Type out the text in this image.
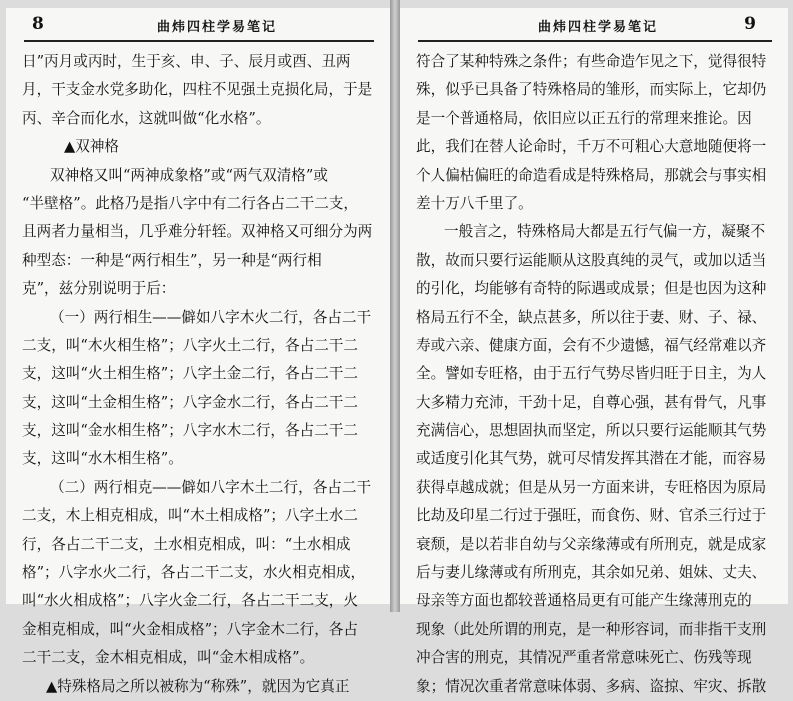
8	曲炜四柱学易笔记
日”丙月或丙时，生于亥、申、子、辰月或酉、丑两
月，干支金水党多助化，四柱不见强土克损化局，于是
丙、辛合而化水，这就叫做“化水格”。
▲双神格
双神格又叫“两神成象格”或“两气双清格”或
“半壁格”。此格乃是指八字中有二行各占二干二支，
且两者力量相当，几乎难分轩轾。双神格又可细分为两
种型态：一种是“两行相生”，另一种是“两行相
克”，兹分别说明于后：
（一）两行相生——僻如八字木火二行，各占二干
二支，叫“木火相生格”；八字火土二行，各占二干二
支，这叫“火土相生格”；八字土金二行，各占二干二
支，这叫“土金相生格”；八字金水二行，各占二干二
支，这叫“金水相生格”；八字水木二行，各占二干二
支，这叫“水木相生格”。
（二）两行相克——僻如八字木土二行，各占二干
二支，木上相克相成，叫“木土相成格”；八字土水二
行，各占二干二支，土水相克相成，叫：“土水相成
格”；八字水火二行，各占二干二支，水火相克相成，
叫“水火相成格”；八字火金二行，各占二干二支，火
金相克相成，叫“火金相成格”；八字金木二行，各占
二干二支，金木相克相成，叫“金木相成格”。
▲特殊格局之所以被称为“称殊”，就因为它真正
曲炜四柱学易笔记	9
符合了某种特殊之条件；有些命造乍见之下，觉得很特
殊，似乎已具备了特殊格局的雏形，而实际上，它却仍
是一个普通格局，依旧应以正五行的常理来推论。因
此，我们在替人论命时，千万不可粗心大意地随便将一
个人偏枯偏旺的命造看成是特殊格局，那就会与事实相
差十万八千里了。
一般言之，特殊格局大都是五行气偏一方，凝聚不
散，故而只要行运能顺从这股真纯的灵气，或加以适当
的引化，均能够有奇特的际遇或成景；但是也因为这种
格局五行不全，缺点甚多，所以往于妻、财、子、禄、
寿或六亲、健康方面，会有不少遗憾，福气经常难以齐
全。譬如专旺格，由于五行气势尽皆归旺于日主，为人
大多精力充沛，干劲十足，自尊心强，甚有骨气，凡事
充满信心，思想固执而坚定，所以只要行运能顺其气势
或适度引化其气势，就可尽情发挥其潜在才能，而容易
获得卓越成就；但是从另一方面来讲，专旺格因为原局
比劫及印星二行过于强旺，而食伤、财、官杀三行过于
衰颓，是以若非自幼与父亲缘薄或有所刑克，就是成家
后与妻儿缘薄或有所刑克，其余如兄弟、姐妹、丈夫、
母亲等方面也都较普通格局更有可能产生缘薄刑克的
现象（此处所谓的刑克，是一种形容词，而非指干支刑
冲合害的刑克，其情况严重者常意味死亡、伤残等现
象；情况次重者常意味体弱、多病、盗掠、牢灾、拆散
